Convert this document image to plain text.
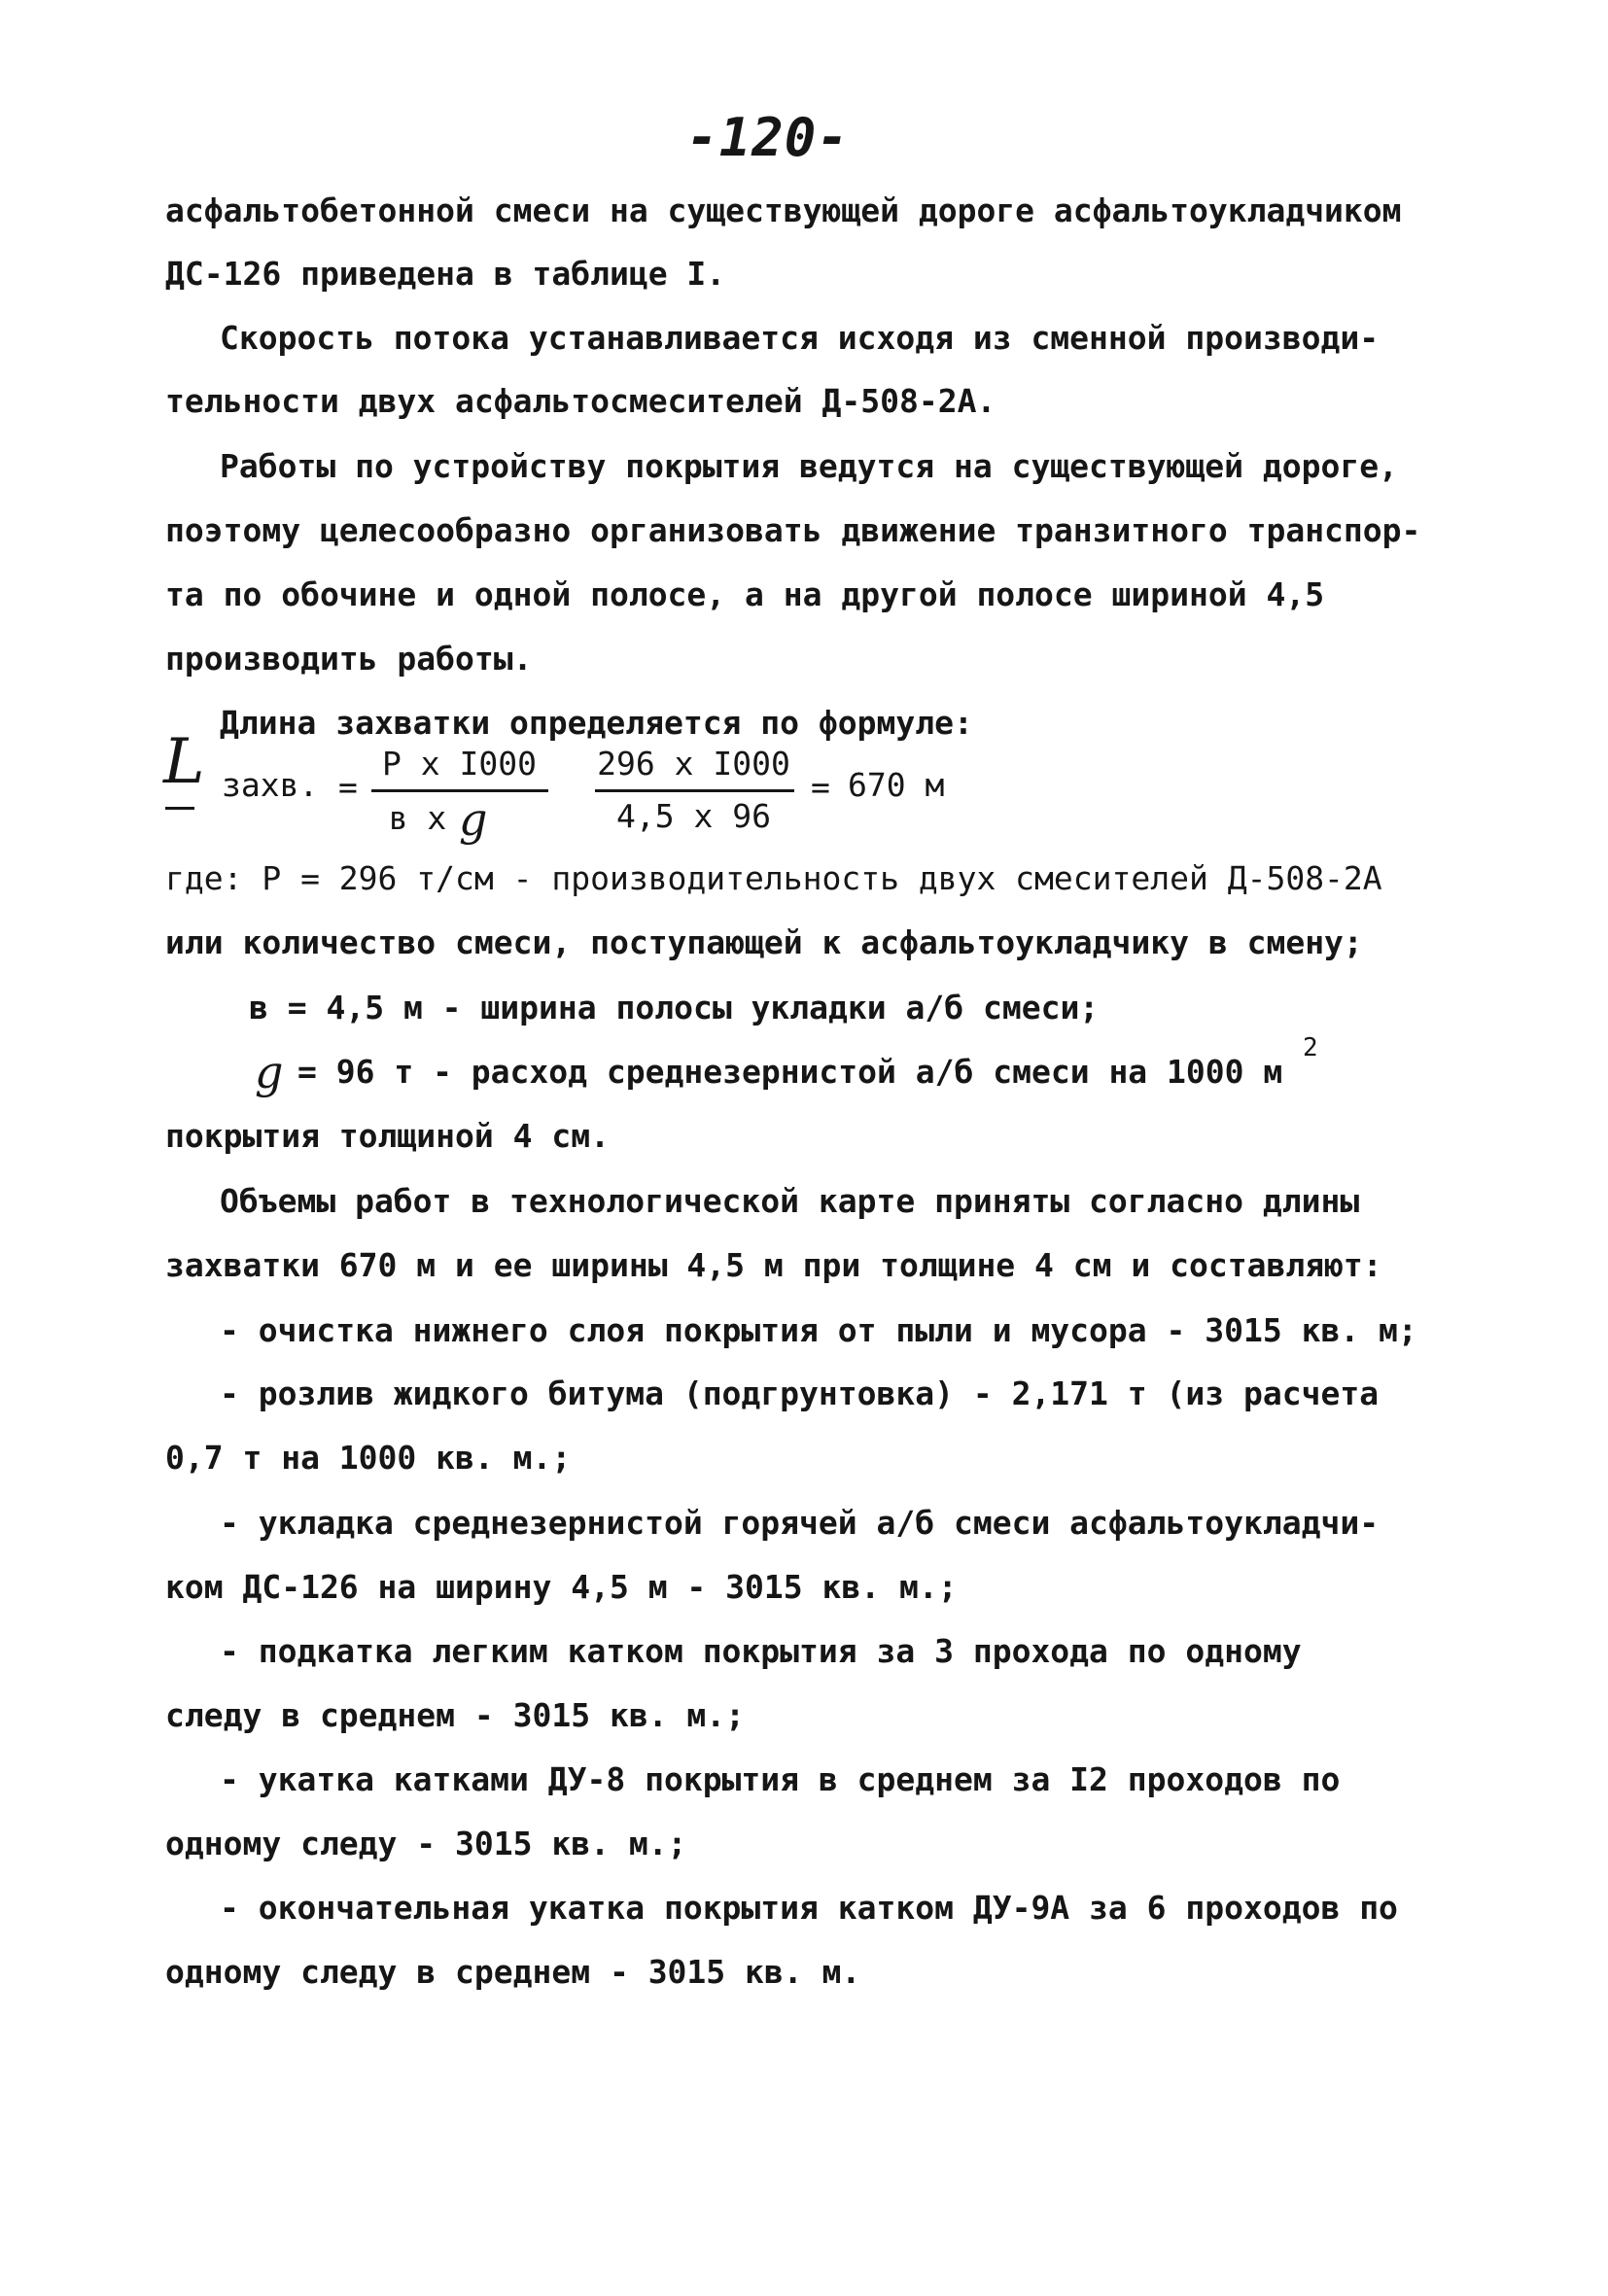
-120-
асфальтобетонной смеси на существующей дороге асфальтоукладчиком
ДС-126 приведена в таблице I.
Скорость потока устанавливается исходя из сменной производи-
тельности двух асфальтосмесителей Д-508-2А.
Работы по устройству покрытия ведутся на существующей дороге,
поэтому целесообразно организовать движение транзитного транспор-
та по обочине и одной полосе, а на другой полосе шириной 4,5
производить работы.
Длина захватки определяется по формуле:
L захв. =
P x I000
в x g
296 x I000
4,5 x 96
= 670 м
где: Р = 296 т/см - производительность двух смесителей Д-508-2А
или количество смеси, поступающей к асфальтоукладчику в смену;
в = 4,5 м - ширина полосы укладки а/б смеси;
g = 96 т - расход среднезернистой а/б смеси на 1000 м
2
покрытия толщиной 4 см.
Объемы работ в технологической карте приняты согласно длины
захватки 670 м и ее ширины 4,5 м при толщине 4 см и составляют:
- очистка нижнего слоя покрытия от пыли и мусора - 3015 кв. м;
- розлив жидкого битума (подгрунтовка) - 2,171 т (из расчета
0,7 т на 1000 кв. м.;
- укладка среднезернистой горячей а/б смеси асфальтоукладчи-
ком ДС-126 на ширину 4,5 м - 3015 кв. м.;
- подкатка легким катком покрытия за 3 прохода по одному
следу в среднем - 3015 кв. м.;
- укатка катками ДУ-8 покрытия в среднем за I2 проходов по
одному следу - 3015 кв. м.;
- окончательная укатка покрытия катком ДУ-9А за 6 проходов по
одному следу в среднем - 3015 кв. м.
